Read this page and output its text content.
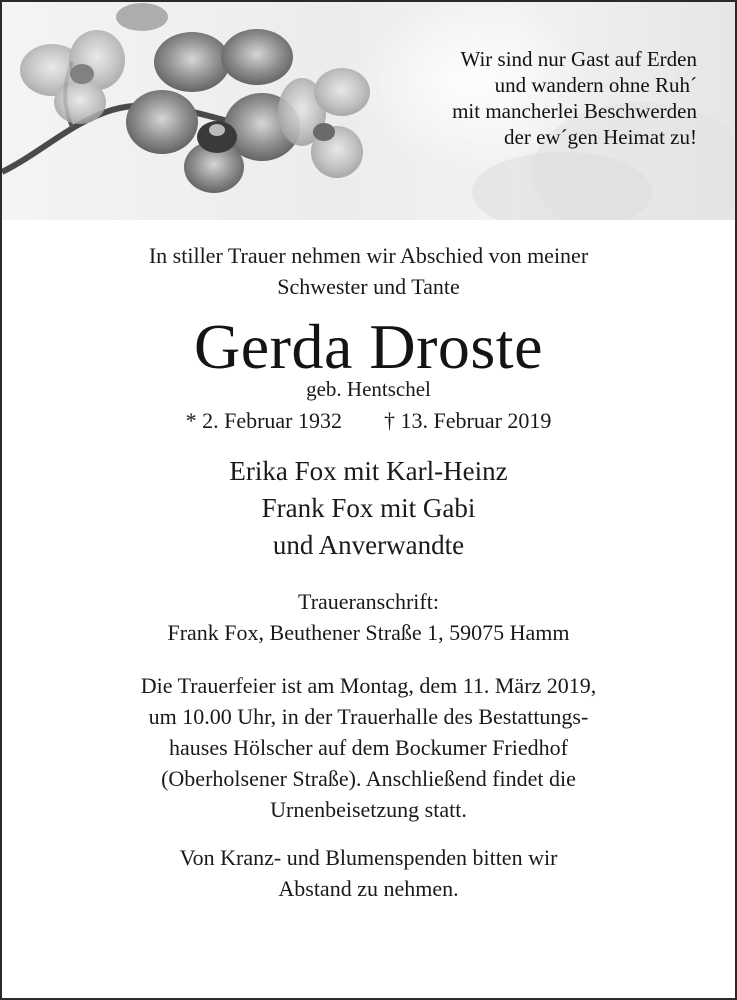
Wir sind nur Gast auf Erden
und wandern ohne Ruh´
mit mancherlei Beschwerden
der ew´gen Heimat zu!
In stiller Trauer nehmen wir Abschied von meiner
Schwester und Tante
Gerda Droste
geb. Hentschel
* 2. Februar 1932 † 13. Februar 2019
Erika Fox mit Karl-Heinz
Frank Fox mit Gabi
und Anverwandte
Traueranschrift:
Frank Fox, Beuthener Straße 1, 59075 Hamm
Die Trauerfeier ist am Montag, dem 11. März 2019,
um 10.00 Uhr, in der Trauerhalle des Bestattungs-
hauses Hölscher auf dem Bockumer Friedhof
(Oberholsener Straße). Anschließend findet die
Urnenbeisetzung statt.
Von Kranz- und Blumenspenden bitten wir
Abstand zu nehmen.
